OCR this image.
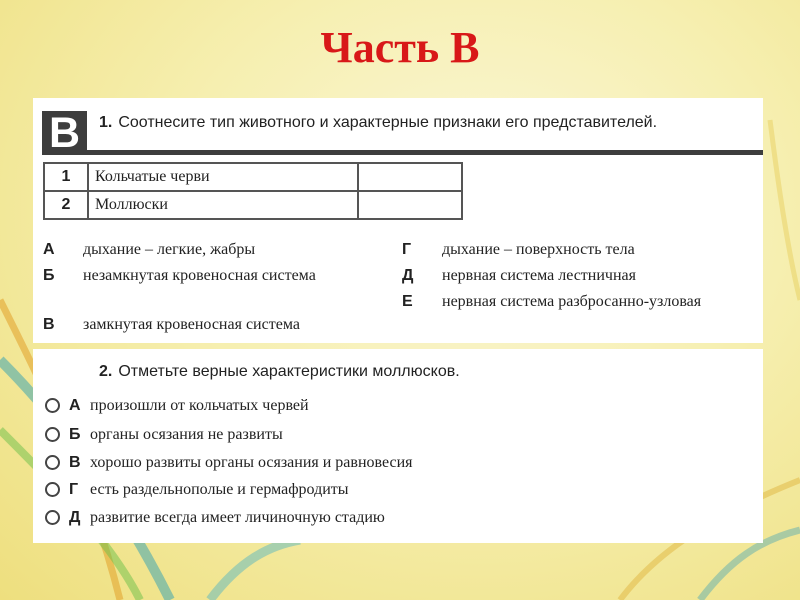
Часть В
В	1. Соотнесите тип животного и характерные признаки его представителей.
1	Кольчатые черви	
2	Моллюски	
А	дыхание – легкие, жабры
Б	незамкнутая кровеносная система
В	замкнутая кровеносная система
Г	дыхание – поверхность тела
Д	нервная система лестничная
Е	нервная система разбросанно-узловая
2. Отметьте верные характеристики моллюсков.
А произошли от кольчатых червей
Б органы осязания не развиты
В хорошо развиты органы осязания и равновесия
Г есть раздельнополые и гермафродиты
Д развитие всегда имеет личиночную стадию
